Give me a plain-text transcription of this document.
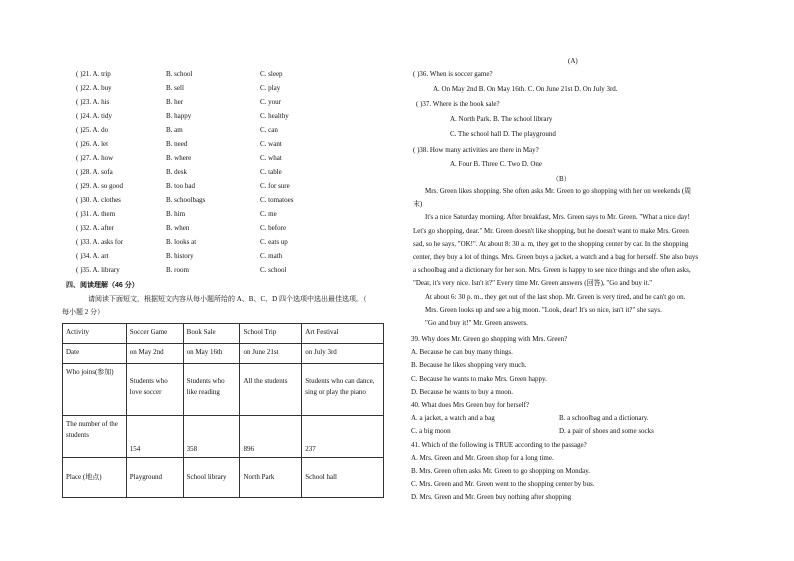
( )21. A. trip	B. school	C. sleep
( )22. A. buy	B. sell	C. play
( )23. A. his	B. her	C. your
( )24. A. tidy	B. happy	C. healthy
( )25. A. do	B. am	C. can
( )26. A. let	B. need	C. want
( )27. A. how	B. where	C. what
( )28. A. sofa	B. desk	C. table
( )29. A. so good	B. too bad	C. for sure
( )30. A. clothes	B. schoolbags	C. tomatoes
( )31. A. them	B. him	C. me
( )32. A. after	B. when	C. before
( )33. A. asks for	B. looks at	C. eats up
( )34. A. art	B. history	C. math
( )35. A. library	B. room	C. school
四、阅读理解（46 分）
请阅读下面短文，根据短文内容从每小题所给的 A、B、C、D 四个选项中选出最佳选项。（
每小题 2 分）
Activity	Soccer Game	Book Sale	School Trip	Art Festival
Date	on May 2nd	on May 16th	on June 21st	on July 3rd
Who joins(参加)	Students who love soccer	Students who like reading	All the students	Students who can dance, sing or play the piano
The number of the students	154	358	896	237
Place (地点)	Playground	School library	North Park	School hall
(A)
( )36. When is soccer game?
A. On May 2nd B. On May 16th. C. On June 21st D. On July 3rd.
( )37. Where is the book sale?
A. North Park. B. The school library
C. The school hall D. The playground
( )38. How many activities are there in May?
A. Four B. Three C. Two D. One
（B）
Mrs. Green likes shopping. She often asks Mr. Green to go shopping with her on weekends (周
末)
It's a nice Saturday morning. After breakfast, Mrs. Green says to Mr. Green. "What a nice day!
Let's go shopping, dear." Mr. Green doesn't like shopping, but he doesn't want to make Mrs. Green
sad, so he says, "OK!". At about 8: 30 a. m, they get to the shopping center by car. In the shopping
center, they buy a lot of things. Mrs. Green buys a jacket, a watch and a bag for herself. She also buys
a schoolbag and a dictionary for her son. Mrs. Green is happy to see nice things and she often asks,
"Dear, it's very nice. Isn't it?" Every time Mr. Green answers (回答), "Go and buy it."
At about 6: 30 p. m., they get out of the last shop. Mr. Green is very tired, and he can't go on.
Mrs. Green looks up and see a big moon. "Look, dear! It's so nice, isn't it?" she says.
"Go and buy it!" Mr. Green answers.
39. Why does Mr. Green go shopping with Mrs. Green?
A. Because he can buy many things.
B. Because he likes shopping very much.
C. Because he wants to make Mrs. Green happy.
D. Because he wants to buy a moon.
40. What does Mrs Green buy for herself?
A. a jacket, a watch and a bag	B. a schoolbag and a dictionary.
C. a big moon	D. a pair of shoes and some socks
41. Which of the following is TRUE according to the passage?
A. Mrs. Green and Mr. Green shop for a long time.
B. Mrs. Green often asks Mr. Green to go shopping on Monday.
C. Mrs. Green and Mr. Green went to the shopping center by bus.
D. Mrs. Green and Mr. Green buy nothing after shopping
